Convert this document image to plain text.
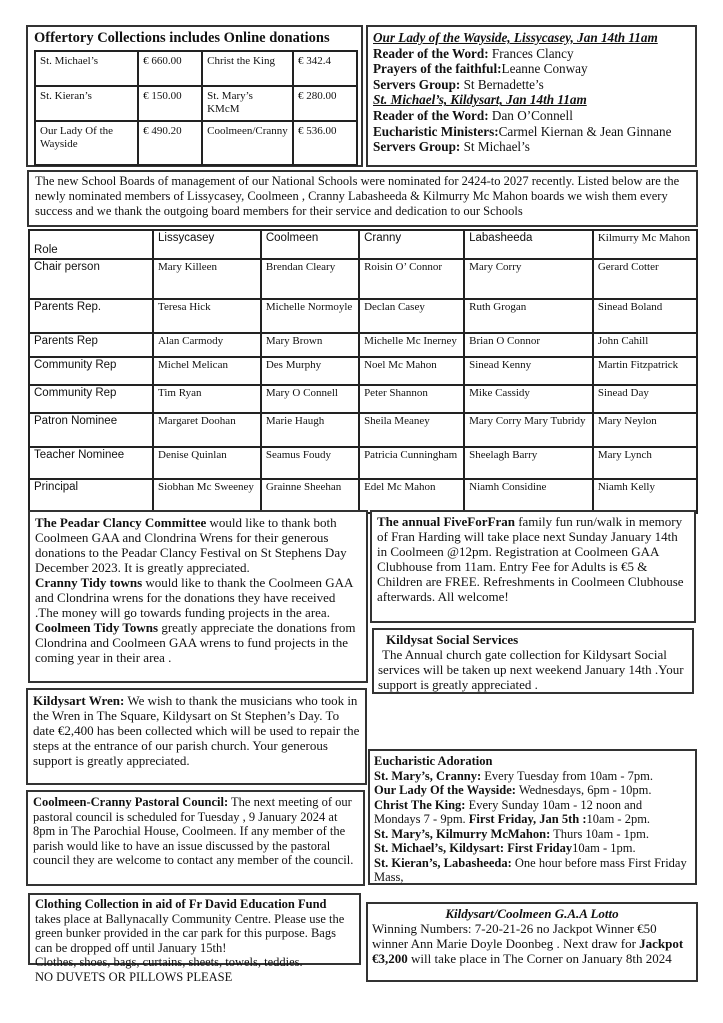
Offertory Collections includes Online donations
St. Michael’s	€ 660.00	Christ the King	€ 342.4
St. Kieran’s	€ 150.00	St. Mary’s KMcM	€ 280.00
Our Lady Of the Wayside	€ 490.20	Coolmeen/Cranny	€ 536.00
Our Lady of the Wayside, Lissycasey, Jan 14th 11am
Reader of the Word: Frances Clancy
Prayers of the faithful:Leanne Conway
Servers Group: St Bernadette’s
St. Michael’s, Kildysart, Jan 14th 11am
Reader of the Word: Dan O’Connell
Eucharistic Ministers:Carmel Kiernan & Jean Ginnane
Servers Group: St Michael’s
The new School Boards of management of our National Schools were nominated for 2424-to 2027 recently. Listed below are the newly nominated members of Lissycasey, Coolmeen , Cranny Labasheeda & Kilmurry Mc Mahon boards we wish them every success and we thank the outgoing board members for their service and dedication to our Schools
Role	Lissycasey	Coolmeen	Cranny	Labasheeda	Kilmurry Mc Mahon
Chair person	Mary Killeen	Brendan Cleary	Roisin O’ Connor	Mary Corry	Gerard Cotter
Parents Rep.	Teresa Hick	Michelle Normoyle	Declan Casey	Ruth Grogan	Sinead Boland
Parents Rep	Alan Carmody	Mary Brown	Michelle Mc Inerney	Brian O Connor	John Cahill
Community Rep	Michel Melican	Des Murphy	Noel Mc Mahon	Sinead Kenny	Martin Fitzpatrick
Community Rep	Tim Ryan	Mary O Connell	Peter Shannon	Mike Cassidy	Sinead Day
Patron Nominee	Margaret Doohan	Marie Haugh	Sheila Meaney	Mary Corry Mary Tubridy	Mary Neylon
Teacher Nominee	Denise Quinlan	Seamus Foudy	Patricia Cunningham	Sheelagh Barry	Mary Lynch
Principal	Siobhan Mc Sweeney	Grainne Sheehan	Edel Mc Mahon	Niamh Considine	Niamh Kelly
The Peadar Clancy Committee would like to thank both Coolmeen GAA and Clondrina Wrens for their generous donations to the Peadar Clancy Festival on St Stephens Day December 2023. It is greatly appreciated.
Cranny Tidy towns would like to thank the Coolmeen GAA and Clondrina wrens for the donations they have received .The money will go towards funding projects in the area.
Coolmeen Tidy Towns greatly appreciate the donations from Clondrina and Coolmeen GAA wrens to fund projects in the coming year in their area .
The annual FiveForFran family fun run/walk in memory of Fran Harding will take place next Sunday January 14th in Coolmeen @12pm. Registration at Coolmeen GAA Clubhouse from 11am. Entry Fee for Adults is €5 & Children are FREE. Refreshments in Coolmeen Clubhouse afterwards. All welcome!
Kildysat Social Services
The Annual church gate collection for Kildysart Social services will be taken up next weekend January 14th .Your support is greatly appreciated .
Kildysart Wren: We wish to thank the musicians who took in the Wren in The Square, Kildysart on St Stephen’s Day. To date €2,400 has been collected which will be used to repair the steps at the entrance of our parish church. Your generous support is greatly appreciated.	Eucharistic Adoration
St. Mary’s, Cranny: Every Tuesday from 10am - 7pm.
Our Lady Of the Wayside: Wednesdays, 6pm - 10pm.
Christ The King: Every Sunday 10am - 12 noon and Mondays 7 - 9pm. First Friday, Jan 5th :10am - 2pm.
St. Mary’s, Kilmurry McMahon: Thurs 10am - 1pm.
St. Michael’s, Kildysart: First Friday10am - 1pm.
St. Kieran’s, Labasheeda: One hour before mass First Friday Mass,
Coolmeen-Cranny Pastoral Council: The next meeting of our pastoral council is scheduled for Tuesday , 9 January 2024 at 8pm in The Parochial House, Coolmeen. If any member of the parish would like to have an issue discussed by the pastoral council they are welcome to contact any member of the council.
Clothing Collection in aid of Fr David Education Fund
takes place at Ballynacally Community Centre. Please use the green bunker provided in the car park for this purpose. Bags can be dropped off until January 15th!
Clothes, shoes, bags, curtains, sheets, towels, teddies.
NO DUVETS OR PILLOWS PLEASE
Kildysart/Coolmeen G.A.A Lotto
Winning Numbers: 7-20-21-26 no Jackpot Winner €50 winner Ann Marie Doyle Doonbeg . Next draw for Jackpot €3,200 will take place in The Corner on January 8th 2024
